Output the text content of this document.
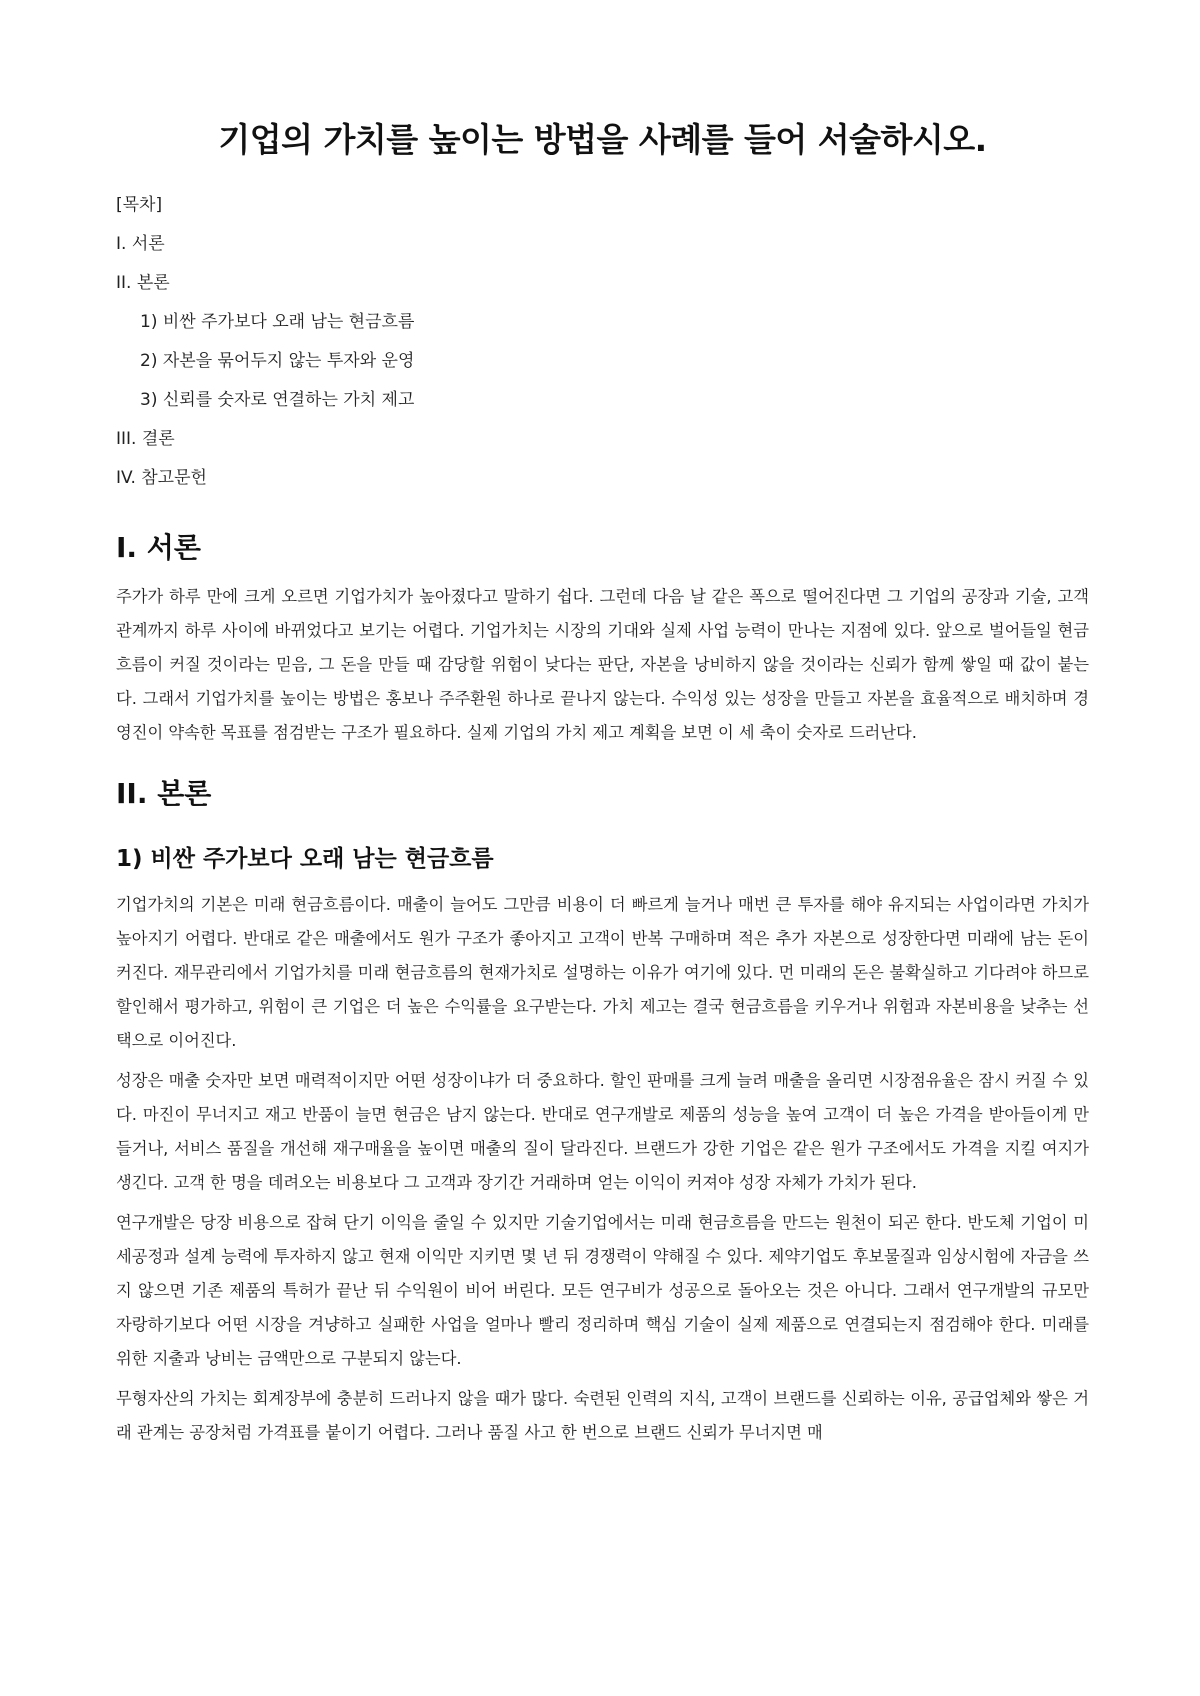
기업의 가치를 높이는 방법을 사례를 들어 서술하시오.
[목차]
I. 서론
II. 본론
1) 비싼 주가보다 오래 남는 현금흐름
2) 자본을 묶어두지 않는 투자와 운영
3) 신뢰를 숫자로 연결하는 가치 제고
III. 결론
IV. 참고문헌
I. 서론

주가가 하루 만에 크게 오르면 기업가치가 높아졌다고 말하기 쉽다. 그런데 다음 날 같은 폭으로 떨어진다면 그 기업의 공장과 기술, 고객 관계까지 하루 사이에 바뀌었다고 보기는 어렵다. 기업가치는 시장의 기대와 실제 사업 능력이 만나는 지점에 있다. 앞으로 벌어들일 현금흐름이 커질 것이라는 믿음, 그 돈을 만들 때 감당할 위험이 낮다는 판단, 자본을 낭비하지 않을 것이라는 신뢰가 함께 쌓일 때 값이 붙는다. 그래서 기업가치를 높이는 방법은 홍보나 주주환원 하나로 끝나지 않는다. 수익성 있는 성장을 만들고 자본을 효율적으로 배치하며 경영진이 약속한 목표를 점검받는 구조가 필요하다. 실제 기업의 가치 제고 계획을 보면 이 세 축이 숫자로 드러난다.

II. 본론
1) 비싼 주가보다 오래 남는 현금흐름

기업가치의 기본은 미래 현금흐름이다. 매출이 늘어도 그만큼 비용이 더 빠르게 늘거나 매번 큰 투자를 해야 유지되는 사업이라면 가치가 높아지기 어렵다. 반대로 같은 매출에서도 원가 구조가 좋아지고 고객이 반복 구매하며 적은 추가 자본으로 성장한다면 미래에 남는 돈이 커진다. 재무관리에서 기업가치를 미래 현금흐름의 현재가치로 설명하는 이유가 여기에 있다. 먼 미래의 돈은 불확실하고 기다려야 하므로 할인해서 평가하고, 위험이 큰 기업은 더 높은 수익률을 요구받는다. 가치 제고는 결국 현금흐름을 키우거나 위험과 자본비용을 낮추는 선택으로 이어진다.

성장은 매출 숫자만 보면 매력적이지만 어떤 성장이냐가 더 중요하다. 할인 판매를 크게 늘려 매출을 올리면 시장점유율은 잠시 커질 수 있다. 마진이 무너지고 재고 반품이 늘면 현금은 남지 않는다. 반대로 연구개발로 제품의 성능을 높여 고객이 더 높은 가격을 받아들이게 만들거나, 서비스 품질을 개선해 재구매율을 높이면 매출의 질이 달라진다. 브랜드가 강한 기업은 같은 원가 구조에서도 가격을 지킬 여지가 생긴다. 고객 한 명을 데려오는 비용보다 그 고객과 장기간 거래하며 얻는 이익이 커져야 성장 자체가 가치가 된다.

연구개발은 당장 비용으로 잡혀 단기 이익을 줄일 수 있지만 기술기업에서는 미래 현금흐름을 만드는 원천이 되곤 한다. 반도체 기업이 미세공정과 설계 능력에 투자하지 않고 현재 이익만 지키면 몇 년 뒤 경쟁력이 약해질 수 있다. 제약기업도 후보물질과 임상시험에 자금을 쓰지 않으면 기존 제품의 특허가 끝난 뒤 수익원이 비어 버린다. 모든 연구비가 성공으로 돌아오는 것은 아니다. 그래서 연구개발의 규모만 자랑하기보다 어떤 시장을 겨냥하고 실패한 사업을 얼마나 빨리 정리하며 핵심 기술이 실제 제품으로 연결되는지 점검해야 한다. 미래를 위한 지출과 낭비는 금액만으로 구분되지 않는다.

무형자산의 가치는 회계장부에 충분히 드러나지 않을 때가 많다. 숙련된 인력의 지식, 고객이 브랜드를 신뢰하는 이유, 공급업체와 쌓은 거래 관계는 공장처럼 가격표를 붙이기 어렵다. 그러나 품질 사고 한 번으로 브랜드 신뢰가 무너지면 매
